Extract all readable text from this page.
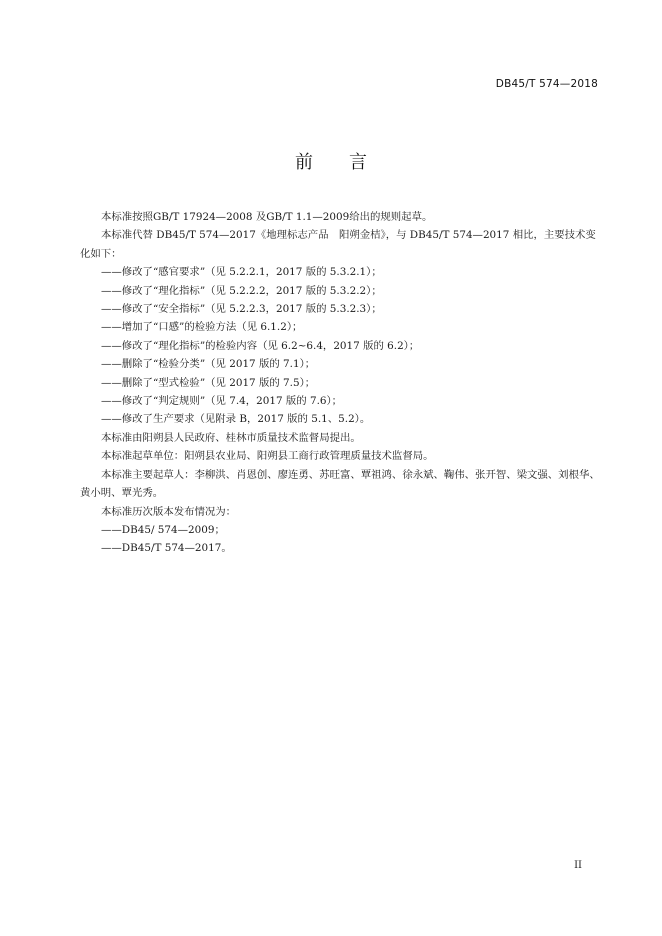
DB45/T 574—2018
前 言

本标准按照GB/T 17924—2008 及GB/T 1.1—2009给出的规则起草。

本标准代替 DB45/T 574—2017《地理标志产品　阳朔金桔》，与 DB45/T 574—2017 相比，主要技术变化如下：

——修改了“感官要求”（见 5.2.2.1，2017 版的 5.3.2.1）；

——修改了“理化指标”（见 5.2.2.2，2017 版的 5.3.2.2）；

——修改了“安全指标”（见 5.2.2.3，2017 版的 5.3.2.3）；

——增加了“口感”的检验方法（见 6.1.2）；

——修改了“理化指标”的检验内容（见 6.2~6.4，2017 版的 6.2）；

——删除了“检验分类”（见 2017 版的 7.1）；

——删除了“型式检验”（见 2017 版的 7.5）；

——修改了“判定规则”（见 7.4，2017 版的 7.6）；

——修改了生产要求（见附录 B，2017 版的 5.1、5.2）。

本标准由阳朔县人民政府、桂林市质量技术监督局提出。

本标准起草单位：阳朔县农业局、阳朔县工商行政管理质量技术监督局。

本标准主要起草人：李柳洪、肖恩创、廖连勇、苏旺富、覃祖鸿、徐永斌、鞠伟、张开智、梁文强、刘根华、黄小明、覃光秀。

本标准历次版本发布情况为：

——DB45/ 574—2009；

——DB45/T 574—2017。

II
